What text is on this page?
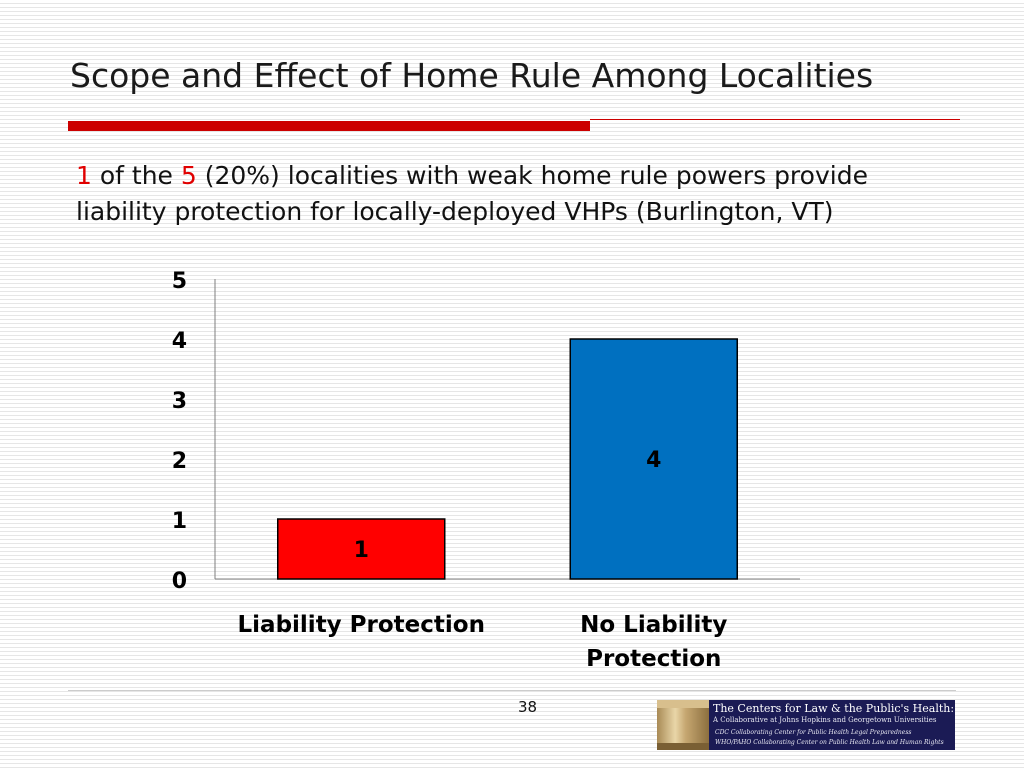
Scope and Effect of Home Rule Among Localities
1 of the 5 (20%) localities with weak home rule powers provide liability protection for locally-deployed VHPs (Burlington, VT)
0
1
2
3
4
5
1
Liability Protection
4
No Liability
Protection
38	The Centers for Law & the Public's Health:
A Collaborative at Johns Hopkins and Georgetown Universities
CDC Collaborating Center for Public Health Legal Preparedness
WHO/PAHO Collaborating Center on Public Health Law and Human Rights
